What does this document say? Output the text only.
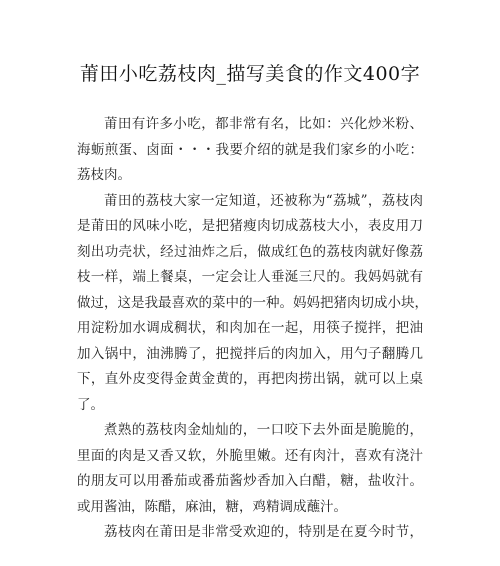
莆田小吃荔枝肉_描写美食的作文400字

莆田有许多小吃，都非常有名，比如：兴化炒米粉、
海蛎煎蛋、卤面・・・我要介绍的就是我们家乡的小吃：
荔枝肉。

莆田的荔枝大家一定知道，还被称为“荔城”，荔枝肉
是莆田的风味小吃，是把猪瘦肉切成荔枝大小，表皮用刀
刻出功壳状，经过油炸之后，做成红色的荔枝肉就好像荔
枝一样，端上餐桌，一定会让人垂涎三尺的。我妈妈就有
做过，这是我最喜欢的菜中的一种。妈妈把猪肉切成小块，
用淀粉加水调成稠状，和肉加在一起，用筷子搅拌，把油
加入锅中，油沸腾了，把搅拌后的肉加入，用勺子翻腾几
下，直外皮变得金黄金黄的，再把肉捞出锅，就可以上桌
了。

煮熟的荔枝肉金灿灿的，一口咬下去外面是脆脆的，
里面的肉是又香又软，外脆里嫩。还有肉汁，喜欢有浇汁
的朋友可以用番茄或番茄酱炒香加入白醋，糖，盐收汁。
或用酱油，陈醋，麻油，糖，鸡精调成蘸汁。

荔枝肉在莆田是非常受欢迎的，特别是在夏今时节，
